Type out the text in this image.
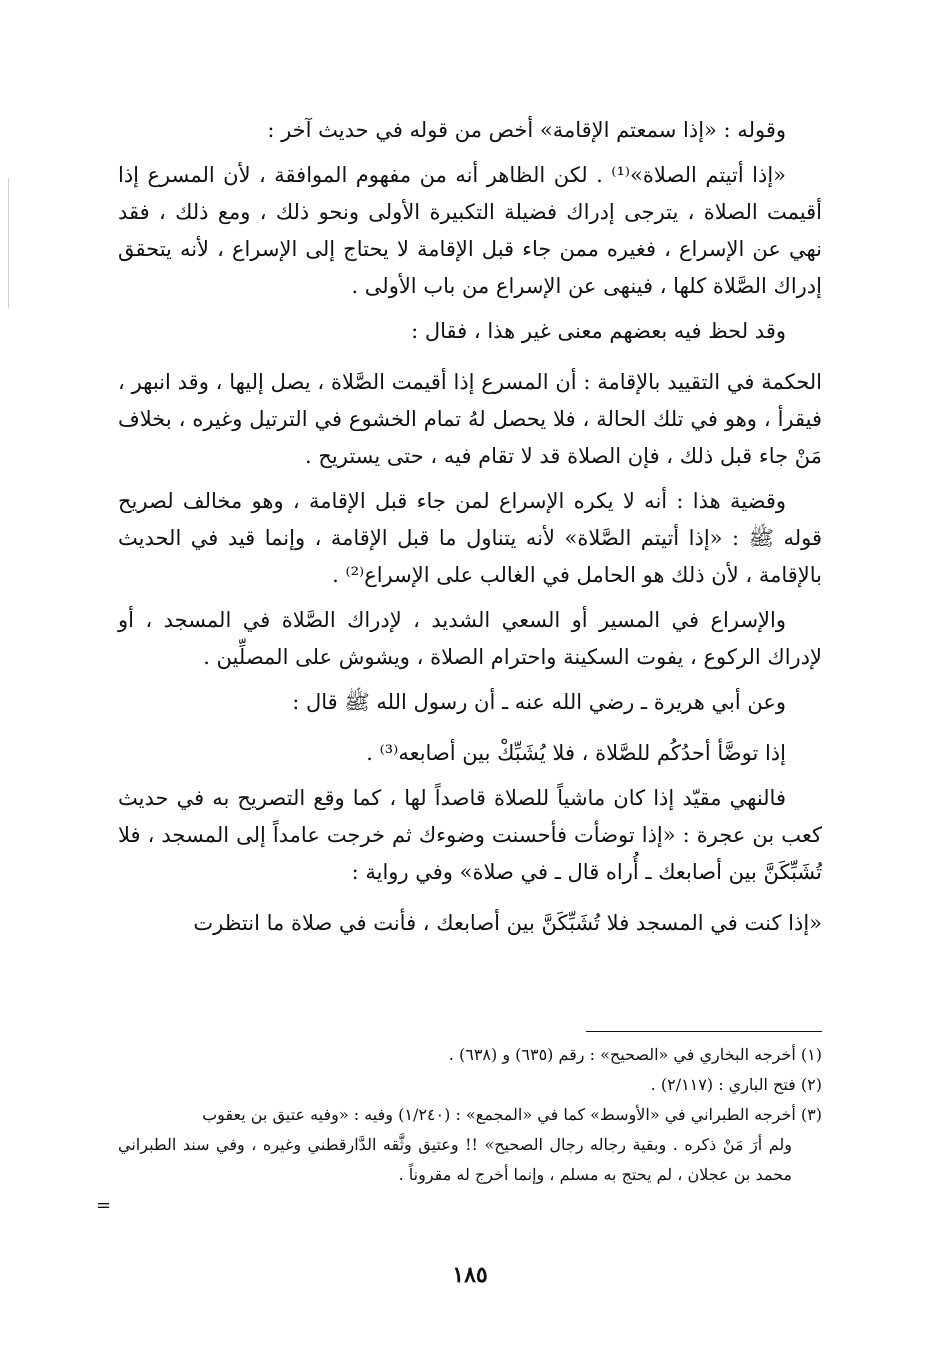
وقوله : «إذا سمعتم الإقامة» أخص من قوله في حديث آخر :

«إذا أتيتم الصلاة»⁽¹⁾ . لكن الظاهر أنه من مفهوم الموافقة ، لأن المسرع إذا أقيمت الصلاة ، يترجى إدراك فضيلة التكبيرة الأولى ونحو ذلك ، ومع ذلك ، فقد نهي عن الإسراع ، فغيره ممن جاء قبل الإقامة لا يحتاج إلى الإسراع ، لأنه يتحقق إدراك الصَّلاة كلها ، فينهى عن الإسراع من باب الأولى .

وقد لحظ فيه بعضهم معنى غير هذا ، فقال :

الحكمة في التقييد بالإقامة : أن المسرع إذا أقيمت الصَّلاة ، يصل إليها ، وقد انبهر ، فيقرأ ، وهو في تلك الحالة ، فلا يحصل لهُ تمام الخشوع في الترتيل وغيره ، بخلاف مَنْ جاء قبل ذلك ، فإن الصلاة قد لا تقام فيه ، حتى يستريح .

وقضية هذا : أنه لا يكره الإسراع لمن جاء قبل الإقامة ، وهو مخالف لصريح قوله ﷺ : «إذا أتيتم الصَّلاة» لأنه يتناول ما قبل الإقامة ، وإنما قيد في الحديث بالإقامة ، لأن ذلك هو الحامل في الغالب على الإسراع⁽²⁾ .

والإسراع في المسير أو السعي الشديد ، لإدراك الصَّلاة في المسجد ، أو لإدراك الركوع ، يفوت السكينة واحترام الصلاة ، ويشوش على المصلِّين .

وعن أبي هريرة ـ رضي الله عنه ـ أن رسول الله ﷺ قال :

إذا توضَّأ أحدُكُم للصَّلاة ، فلا يُشَبِّكْ بين أصابعه⁽³⁾ .

فالنهي مقيّد إذا كان ماشياً للصلاة قاصداً لها ، كما وقع التصريح به في حديث كعب بن عجرة : «إذا توضأت فأحسنت وضوءك ثم خرجت عامداً إلى المسجد ، فلا تُشَبِّكَنَّ بين أصابعك ـ أُراه قال ـ في صلاة» وفي رواية :

«إذا كنت في المسجد فلا تُشَبِّكَنَّ بين أصابعك ، فأنت في صلاة ما انتظرت

(١) أخرجه البخاري في «الصحيح» : رقم (٦٣٥) و (٦٣٨) .

(٢) فتح الباري : (٢/١١٧) .

(٣) أخرجه الطبراني في «الأوسط» كما في «المجمع» : (١/٢٤٠) وفيه : «وفيه عتيق بن يعقوب

ولم أرَ مَنْ ذكره . وبقية رجاله رجال الصحيح» !! وعتيق وثَّقه الدَّارقطني وغيره ، وفي سند الطبراني محمد بن عجلان ، لم يحتج به مسلم ، وإنما أخرج له مقروناً .

=
١٨٥
